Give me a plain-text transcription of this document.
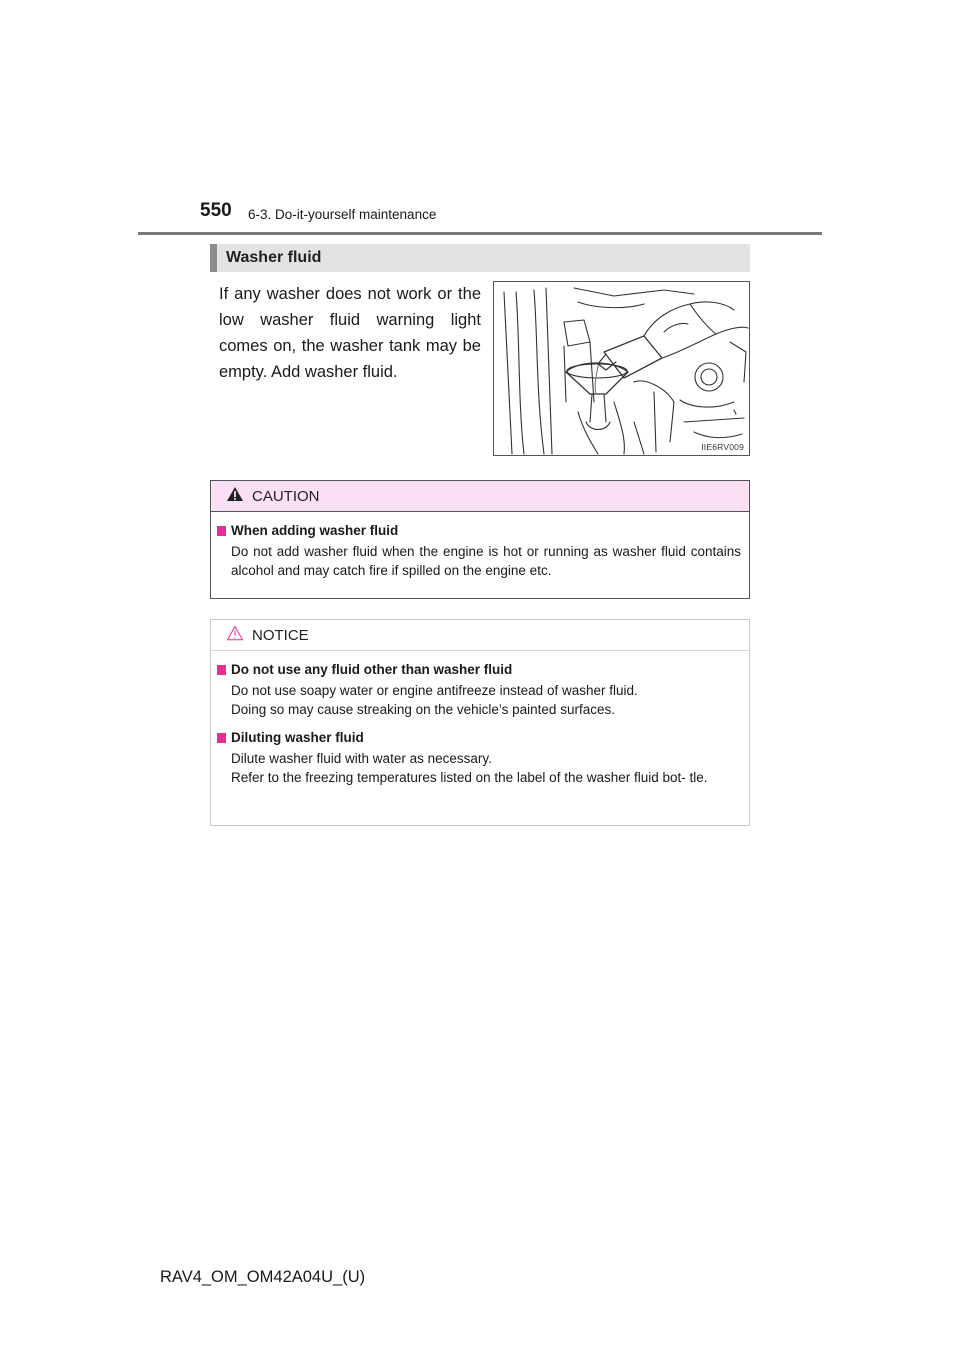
550 6-3. Do-it-yourself maintenance
Washer fluid
If any washer does not work or the low washer fluid warning light comes on, the washer tank may be empty. Add washer fluid.
IIE6RV009
CAUTION
When adding washer fluid

Do not add washer fluid when the engine is hot or running as washer fluid contains alcohol and may catch fire if spilled on the engine etc.

NOTICE
Do not use any fluid other than washer fluid

Do not use soapy water or engine antifreeze instead of washer fluid.

Doing so may cause streaking on the vehicle’s painted surfaces.

Diluting washer fluid

Dilute washer fluid with water as necessary.

Refer to the freezing temperatures listed on the label of the washer fluid bot- tle.

RAV4_OM_OM42A04U_(U)
